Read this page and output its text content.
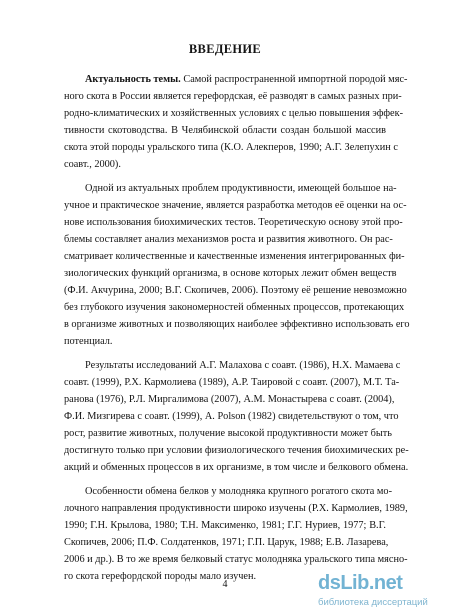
ВВЕДЕНИЕ
Актуальность темы. Самой распространенной импортной породой мяс-
ного скота в России является герефордская, её разводят в самых разных при-
родно-климатических и хозяйственных условиях с целью повышения эффек-
тивности скотоводства. В Челябинской области создан большой массив
скота этой породы уральского типа (К.О. Алекперов, 1990; А.Г. Зелепухин с
соавт., 2000).
Одной из актуальных проблем продуктивности, имеющей большое на-
учное и практическое значение, является разработка методов её оценки на ос-
нове использования биохимических тестов. Теоретическую основу этой про-
блемы составляет анализ механизмов роста и развития животного. Он рас-
сматривает количественные и качественные изменения интегрированных фи-
зиологических функций организма, в основе которых лежит обмен веществ
(Ф.И. Акчурина, 2000; В.Г. Скопичев, 2006). Поэтому её решение невозможно
без глубокого изучения закономерностей обменных процессов, протекающих
в организме животных и позволяющих наиболее эффективно использовать его
потенциал.
Результаты исследований А.Г. Малахова с соавт. (1986), Н.Х. Мамаева с
соавт. (1999), Р.Х. Кармолиева (1989), А.Р. Таировой с соавт. (2007), М.Т. Та-
ранова (1976), Р.Л. Миргалимова (2007), А.М. Монастырева с соавт. (2004),
Ф.И. Мизгирева с соавт. (1999), A. Polson (1982) свидетельствуют о том, что
рост, развитие животных, получение высокой продуктивности может быть
достигнуто только при условии физиологического течения биохимических ре-
акций и обменных процессов в их организме, в том числе и белкового обмена.
Особенности обмена белков у молодняка крупного рогатого скота мо-
лочного направления продуктивности широко изучены (Р.Х. Кармолиев, 1989,
1990; Г.Н. Крылова, 1980; Т.Н. Максименко, 1981; Г.Г. Нуриев, 1977; В.Г.
Скопичев, 2006; П.Ф. Солдатенков, 1971; Г.П. Царук, 1988; Е.В. Лазарева,
2006 и др.). В то же время белковый статус молодняка уральского типа мясно-
го скота герефордской породы мало изучен.
4	dsLib.net
библиотека диссертаций
